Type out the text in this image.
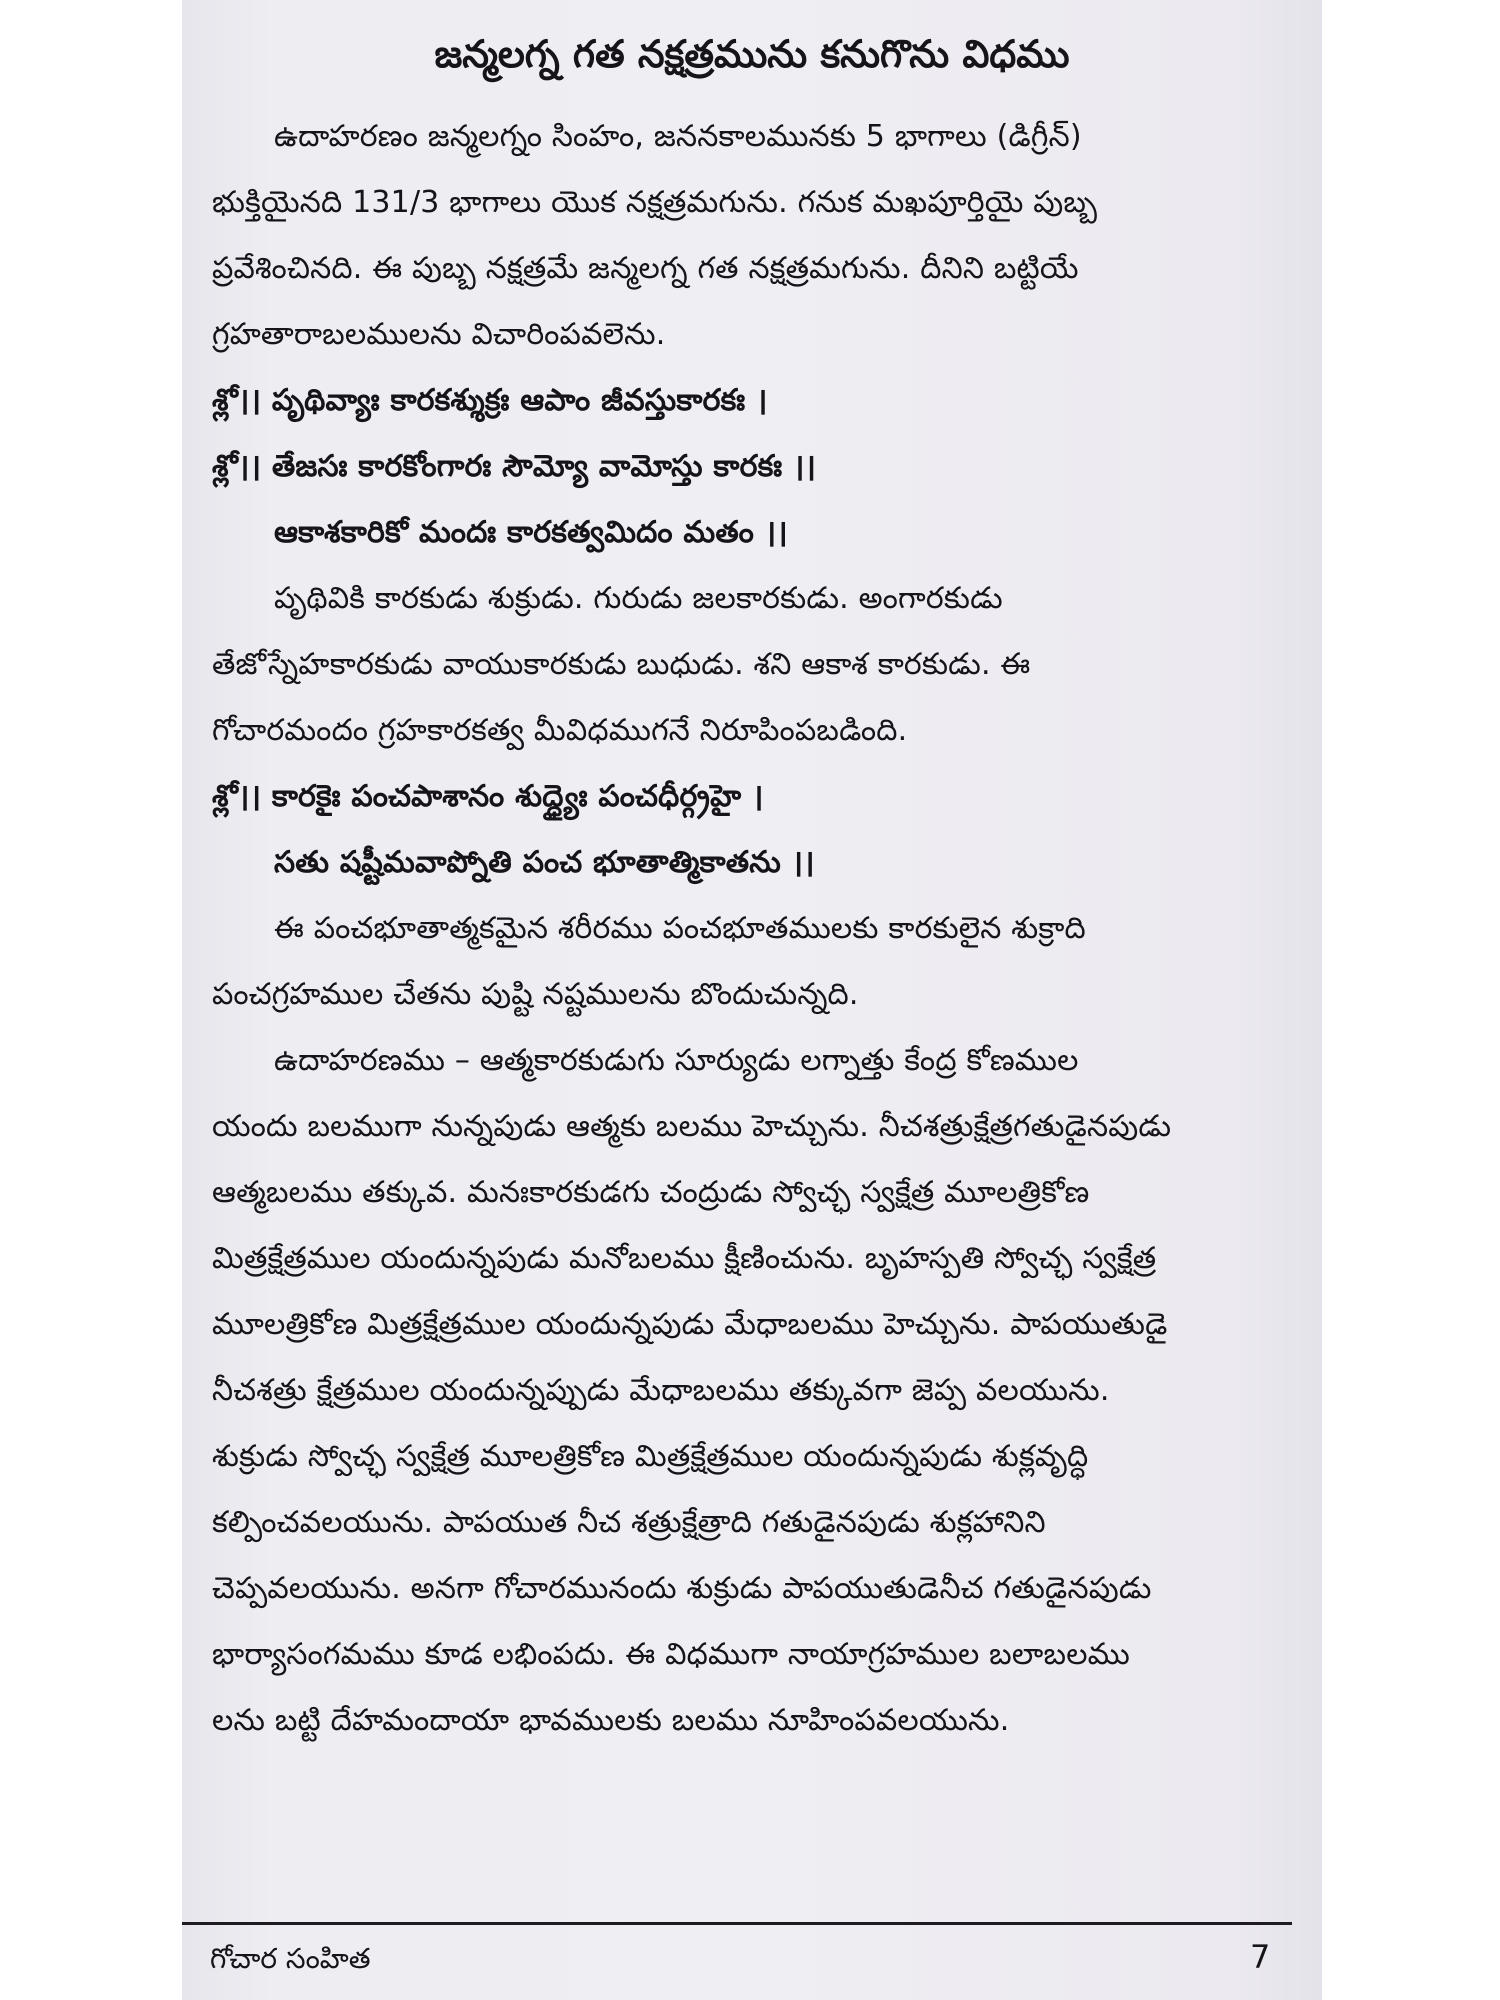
జన్మలగ్న గత నక్షత్రమును కనుగొను విధము
ఉదాహరణం జన్మలగ్నం సింహం, జననకాలమునకు 5 భాగాలు (డిగ్రీన్)
భుక్తియైనది 131/3 భాగాలు యొక నక్షత్రమగును. గనుక మఖపూర్తియై పుబ్బ
ప్రవేశించినది. ఈ పుబ్బ నక్షత్రమే జన్మలగ్న గత నక్షత్రమగును. దీనిని బట్టియే
గ్రహతారాబలములను విచారింపవలెను.
శ్లో।। పృథివ్యాః కారకశ్శుక్రః ఆపాం జీవస్తుకారకః ।
శ్లో।। తేజసః కారకోంగారః సౌమ్యో వామోస్తు కారకః ।।
ఆకాశకారికో మందః కారకత్వమిదం మతం ।।
పృథివికి కారకుడు శుక్రుడు. గురుడు జలకారకుడు. అంగారకుడు
తేజోస్నేహకారకుడు వాయుకారకుడు బుధుడు. శని ఆకాశ కారకుడు. ఈ
గోచారమందం గ్రహకారకత్వ మీవిధముగనే నిరూపింపబడింది.
శ్లో।। కారకైః పంచపాశానం శుద్ధ్యైః పంచధీర్గ్రహై ।
సతు షష్టీమవాప్నోతి పంచ భూతాత్మికాతను ।।
ఈ పంచభూతాత్మకమైన శరీరము పంచభూతములకు కారకులైన శుక్రాది
పంచగ్రహముల చేతను పుష్టి నష్టములను బొందుచున్నది.
ఉదాహరణము – ఆత్మకారకుడుగు సూర్యుడు లగ్నాత్తు కేంద్ర కోణముల
యందు బలముగా నున్నపుడు ఆత్మకు బలము హెచ్చును. నీచశత్రుక్షేత్రగతుడైనపుడు
ఆత్మబలము తక్కువ. మనఃకారకుడగు చంద్రుడు స్వోచ్ఛ స్వక్షేత్ర మూలత్రికోణ
మిత్రక్షేత్రముల యందున్నపుడు మనోబలము క్షీణించును. బృహస్పతి స్వోచ్ఛ స్వక్షేత్ర
మూలత్రికోణ మిత్రక్షేత్రముల యందున్నపుడు మేధాబలము హెచ్చును. పాపయుతుడై
నీచశత్రు క్షేత్రముల యందున్నప్పుడు మేధాబలము తక్కువగా జెప్ప వలయును.
శుక్రుడు స్వోచ్ఛ స్వక్షేత్ర మూలత్రికోణ మిత్రక్షేత్రముల యందున్నపుడు శుక్లవృద్ధి
కల్పించవలయును. పాపయుత నీచ శత్రుక్షేత్రాది గతుడైనపుడు శుక్లహానిని
చెప్పవలయును. అనగా గోచారమునందు శుక్రుడు పాపయుతుడెనీచ గతుడైనపుడు
భార్యాసంగమము కూడ లభింపదు. ఈ విధముగా నాయాగ్రహముల బలాబలము
లను బట్టి దేహమందాయా భావములకు బలము నూహింపవలయును.
గోచార సంహిత	7
